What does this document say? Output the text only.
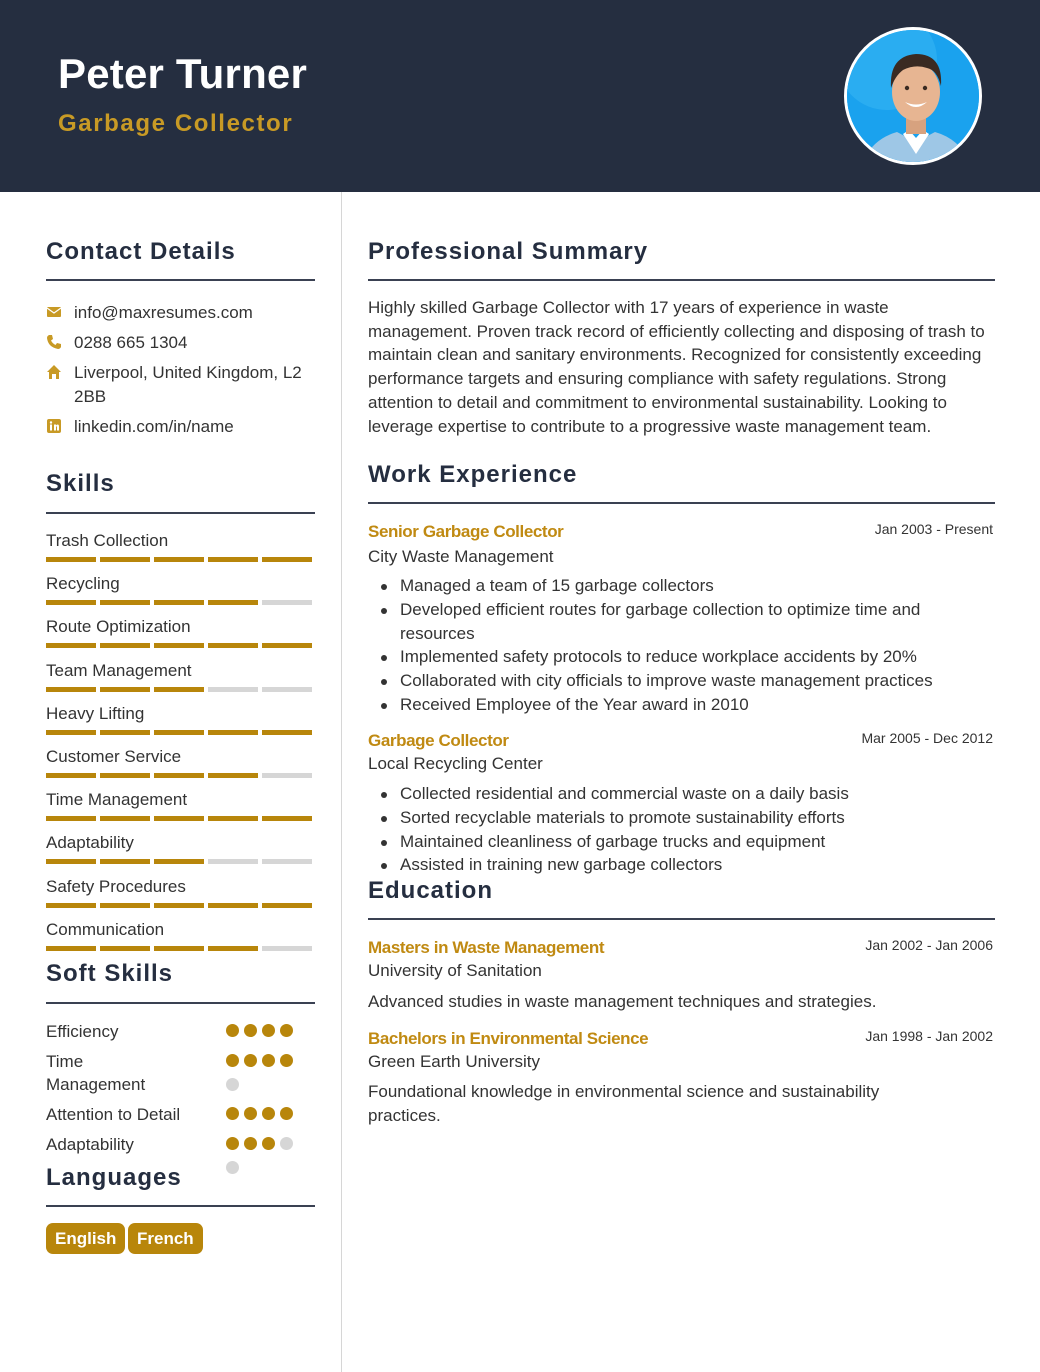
Peter Turner
Garbage Collector
Contact Details
info@maxresumes.com
0288 665 1304
Liverpool, United Kingdom, L2 2BB
linkedin.com/in/name
Skills
Trash Collection
Recycling
Route Optimization
Team Management
Heavy Lifting
Customer Service
Time Management
Adaptability
Safety Procedures
Communication
Soft Skills
Efficiency
Time Management
Attention to Detail
Adaptability
Languages
English	French
Professional Summary
Highly skilled Garbage Collector with 17 years of experience in waste management. Proven track record of efficiently collecting and disposing of trash to maintain clean and sanitary environments. Recognized for consistently exceeding performance targets and ensuring compliance with safety regulations. Strong attention to detail and commitment to environmental sustainability. Looking to leverage expertise to contribute to a progressive waste management team.
Work Experience
Senior Garbage Collector	Jan 2003 - Present
City Waste Management
Managed a team of 15 garbage collectors
Developed efficient routes for garbage collection to optimize time and resources
Implemented safety protocols to reduce workplace accidents by 20%
Collaborated with city officials to improve waste management practices
Received Employee of the Year award in 2010
Garbage Collector	Mar 2005 - Dec 2012
Local Recycling Center
Collected residential and commercial waste on a daily basis
Sorted recyclable materials to promote sustainability efforts
Maintained cleanliness of garbage trucks and equipment
Assisted in training new garbage collectors
Education
Masters in Waste Management	Jan 2002 - Jan 2006
University of Sanitation
Advanced studies in waste management techniques and strategies.
Bachelors in Environmental Science	Jan 1998 - Jan 2002
Green Earth University
Foundational knowledge in environmental science and sustainability practices.
